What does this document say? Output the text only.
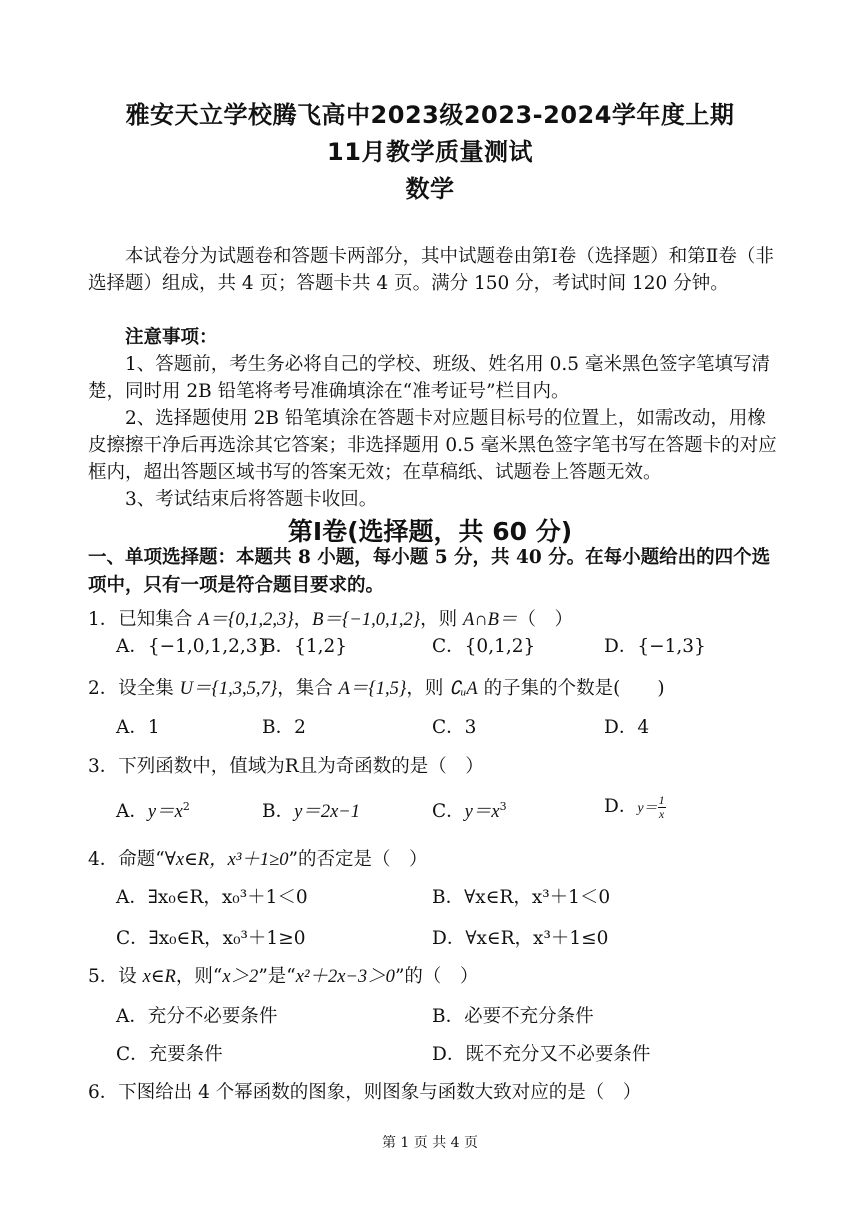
雅安天立学校腾飞高中2023级2023-2024学年度上期
11月教学质量测试
数学
本试卷分为试题卷和答题卡两部分，其中试题卷由第Ⅰ卷（选择题）和第Ⅱ卷（非选择题）组成，共 4 页；答题卡共 4 页。满分 150 分，考试时间 120 分钟。
注意事项：
1、答题前，考生务必将自己的学校、班级、姓名用 0.5 毫米黑色签字笔填写清楚，同时用 2B 铅笔将考号准确填涂在“准考证号”栏目内。
2、选择题使用 2B 铅笔填涂在答题卡对应题目标号的位置上，如需改动，用橡皮擦擦干净后再选涂其它答案；非选择题用 0.5 毫米黑色签字笔书写在答题卡的对应框内，超出答题区域书写的答案无效；在草稿纸、试题卷上答题无效。
3、考试结束后将答题卡收回。
第Ⅰ卷(选择题，共 60 分)
一、单项选择题：本题共 8 小题，每小题 5 分，共 40 分。在每小题给出的四个选项中，只有一项是符合题目要求的。
1．已知集合 A＝{0,1,2,3}，B＝{−1,0,1,2}，则 A∩B＝（　）
A．{−1,0,1,2,3}
B．{1,2}	C．{0,1,2}	D．{−1,3}
2．设全集 U＝{1,3,5,7}，集合 A＝{1,5}，则 ∁ᵤA 的子集的个数是(　　)
A．1	B．2	C．3	D．4
3．下列函数中，值域为R且为奇函数的是（　）
A．$y=x^2$	B．y＝2x−1	C．$y=x^3$	D．$y= \frac{1}{x}$
4．命题“∀x∈R，x³＋1≥0”的否定是（　）
A．∃x₀∈R，x₀³＋1＜0	B．∀x∈R，x³＋1＜0
C．∃x₀∈R，x₀³＋1≥0	D．∀x∈R，x³＋1≤0
5．设 x∈R，则“x＞2”是“x²＋2x−3＞0”的（　）
A．充分不必要条件	B．必要不充分条件
C．充要条件	D．既不充分又不必要条件
6．下图给出 4 个幂函数的图象，则图象与函数大致对应的是（　）
第 1 页 共 4 页
